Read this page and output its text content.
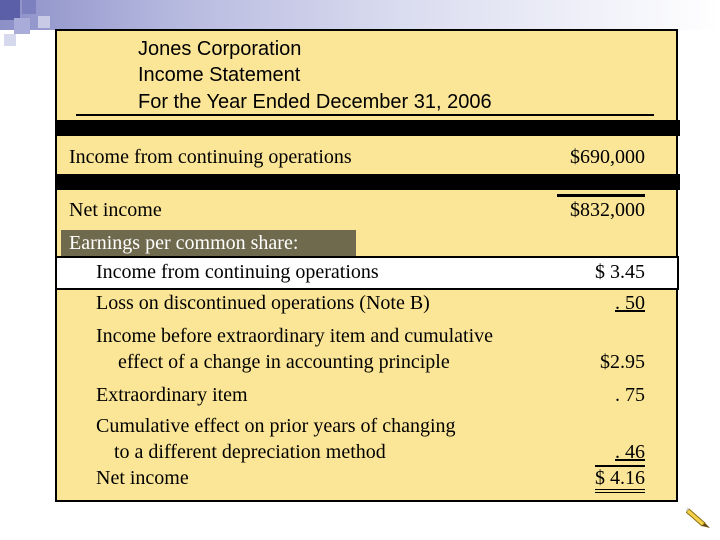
Jones Corporation
Income Statement
For the Year Ended December 31, 2006
Income from continuing operations	$690,000
Net income	$832,000
Earnings per common share:
Income from continuing operations	$ 3.45
Loss on discontinued operations (Note B)	. 50
Income before extraordinary item and cumulative
effect of a change in accounting principle	$2.95
Extraordinary item	. 75
Cumulative effect on prior years of changing
to a different depreciation method	. 46
Net income	$ 4.16
